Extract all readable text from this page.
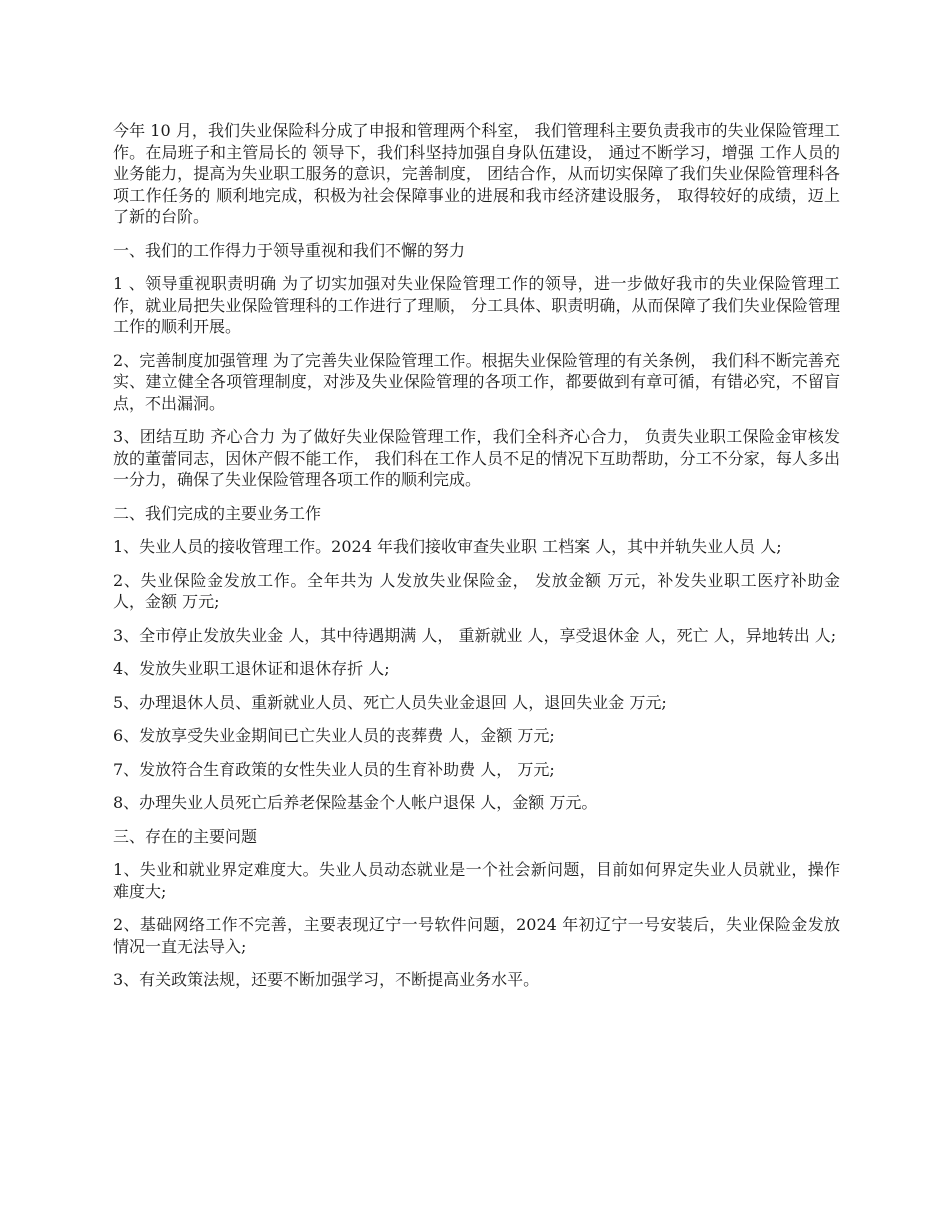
今年 10 月，我们失业保险科分成了申报和管理两个科室， 我们管理科主要负责我市的失业保险管理工作。在局班子和主管局长的 领导下，我们科坚持加强自身队伍建设， 通过不断学习，增强 工作人员的业务能力，提高为失业职工服务的意识，完善制度， 团结合作，从而切实保障了我们失业保险管理科各项工作任务的 顺利地完成，积极为社会保障事业的进展和我市经济建设服务， 取得较好的成绩，迈上了新的台阶。

一、我们的工作得力于领导重视和我们不懈的努力

1 、领导重视职责明确 为了切实加强对失业保险管理工作的领导，进一步做好我市的失业保险管理工作，就业局把失业保险管理科的工作进行了理顺， 分工具体、职责明确，从而保障了我们失业保险管理工作的顺利开展。

2、完善制度加强管理 为了完善失业保险管理工作。根据失业保险管理的有关条例， 我们科不断完善充实、建立健全各项管理制度，对涉及失业保险管理的各项工作，都要做到有章可循，有错必究，不留盲点，不出漏洞。

3、团结互助 齐心合力 为了做好失业保险管理工作，我们全科齐心合力， 负责失业职工保险金审核发放的董蕾同志，因休产假不能工作， 我们科在工作人员不足的情况下互助帮助，分工不分家，每人多出一分力，确保了失业保险管理各项工作的顺利完成。

二、我们完成的主要业务工作

1、失业人员的接收管理工作。2024 年我们接收审查失业职 工档案 人，其中并轨失业人员 人;

2、失业保险金发放工作。全年共为 人发放失业保险金， 发放金额 万元，补发失业职工医疗补助金 人，金额 万元;

3、全市停止发放失业金 人，其中待遇期满 人， 重新就业 人，享受退休金 人，死亡 人，异地转出 人;

4、发放失业职工退休证和退休存折 人;

5、办理退休人员、重新就业人员、死亡人员失业金退回 人，退回失业金 万元;

6、发放享受失业金期间已亡失业人员的丧葬费 人，金额 万元;

7、发放符合生育政策的女性失业人员的生育补助费 人， 万元;

8、办理失业人员死亡后养老保险基金个人帐户退保 人，金额 万元。

三、存在的主要问题

1、失业和就业界定难度大。失业人员动态就业是一个社会新问题，目前如何界定失业人员就业，操作难度大;

2、基础网络工作不完善，主要表现辽宁一号软件问题，2024 年初辽宁一号安装后，失业保险金发放情况一直无法导入;

3、有关政策法规，还要不断加强学习，不断提高业务水平。
